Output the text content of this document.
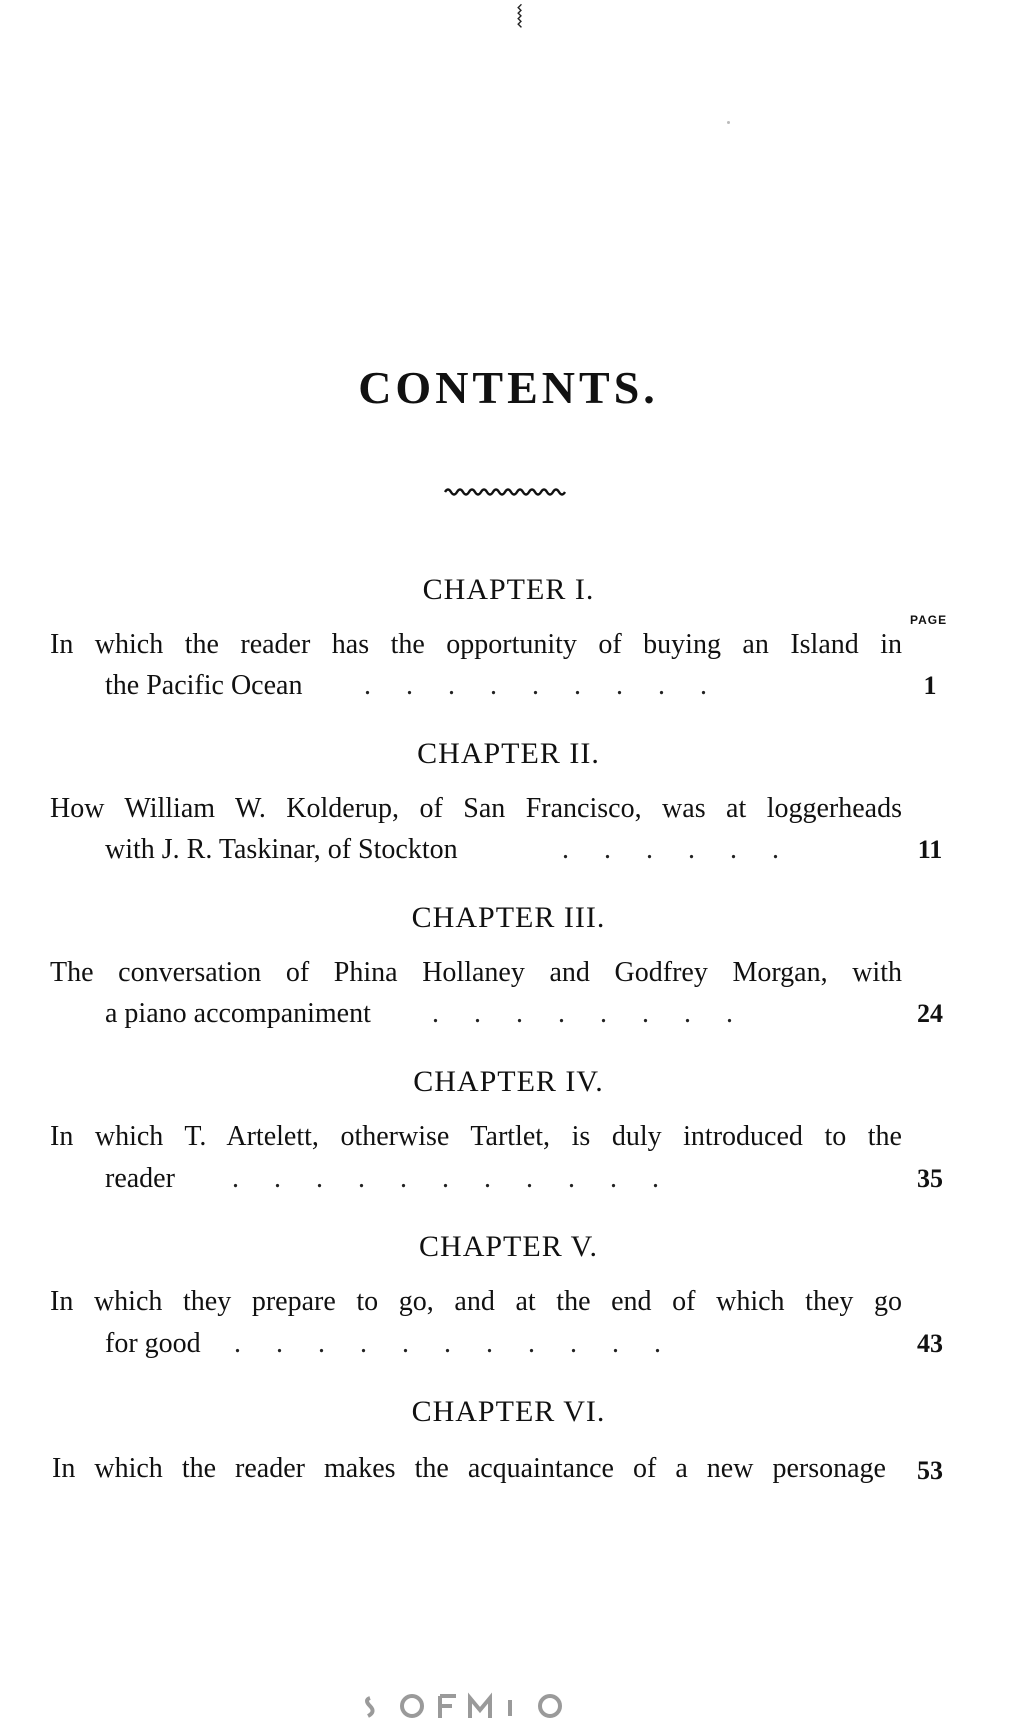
⧙
CONTENTS.
PAGE
CHAPTER I.
In which the reader has the opportunity of buying an Island in
the Pacific Ocean .     .     .     .     .     .     .     .     .	1
CHAPTER II.
How William W. Kolderup, of San Francisco, was at loggerheads
with J. R. Taskinar, of Stockton	.     .     .     .     .     .	11
CHAPTER III.
The conversation of Phina Hollaney and Godfrey Morgan, with
a piano accompaniment .     .     .     .     .     .     .     .	24
CHAPTER IV.
In which T. Artelett, otherwise Tartlet, is duly introduced to the
reader .     .     .     .     .     .     .     .     .     .     .	35
CHAPTER V.
In which they prepare to go, and at the end of which they go
for good .     .     .     .     .     .     .     .     .     .     .	43
CHAPTER VI.
In which the reader makes the acquaintance of a new personage	53
